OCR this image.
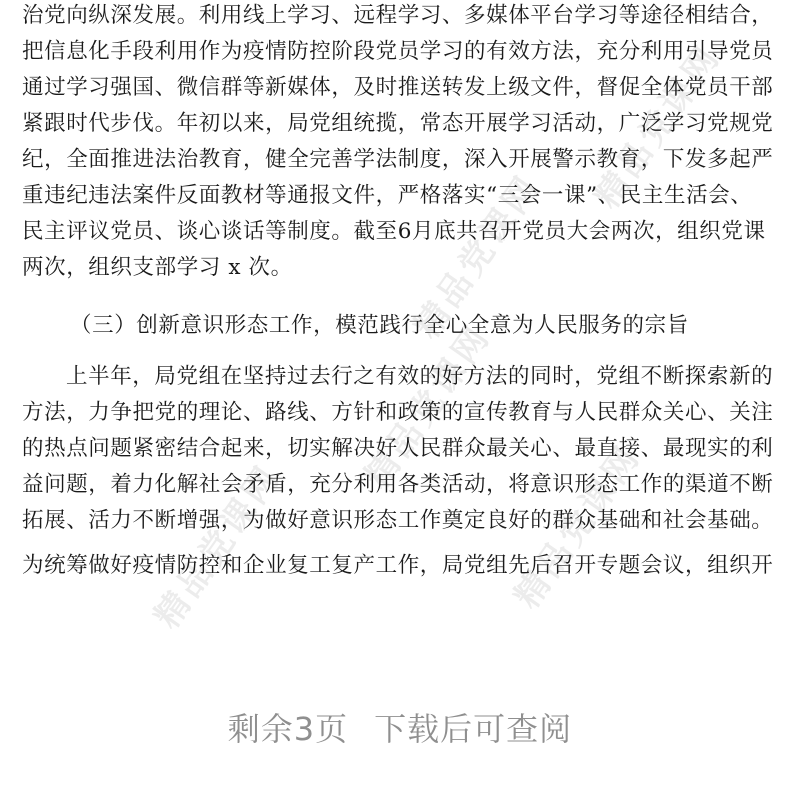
精品党课网
精品党课网
精品党课网
精品党课网
精品党课网
治党向纵深发展。利用线上学习、远程学习、多媒体平台学习等途径相结合，
把信息化手段利用作为疫情防控阶段党员学习的有效方法，充分利用引导党员
通过学习强国、微信群等新媒体，及时推送转发上级文件，督促全体党员干部
紧跟时代步伐。年初以来，局党组统揽，常态开展学习活动，广泛学习党规党
纪，全面推进法治教育，健全完善学法制度，深入开展警示教育，下发多起严
重违纪违法案件反面教材等通报文件，严格落实“三会一课”、民主生活会、
民主评议党员、谈心谈话等制度。截至6月底共召开党员大会两次，组织党课
两次，组织支部学习 x 次。
（三）创新意识形态工作，模范践行全心全意为人民服务的宗旨
上半年，局党组在坚持过去行之有效的好方法的同时，党组不断探索新的
方法，力争把党的理论、路线、方针和政策的宣传教育与人民群众关心、关注
的热点问题紧密结合起来，切实解决好人民群众最关心、最直接、最现实的利
益问题，着力化解社会矛盾，充分利用各类活动，将意识形态工作的渠道不断
拓展、活力不断增强，为做好意识形态工作奠定良好的群众基础和社会基础。
为统筹做好疫情防控和企业复工复产工作，局党组先后召开专题会议，组织开
剩余3页 下载后可查阅
